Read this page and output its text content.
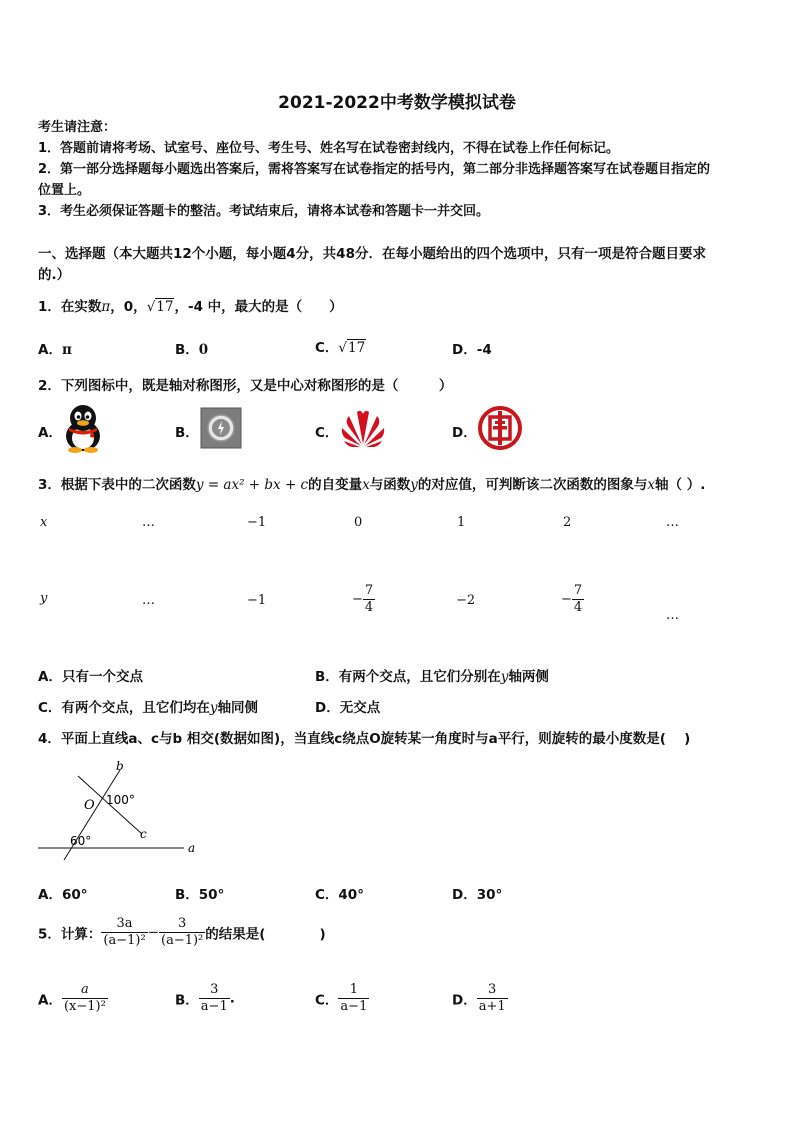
2021-2022中考数学模拟试卷
考生请注意：
1．答题前请将考场、试室号、座位号、考生号、姓名写在试卷密封线内，不得在试卷上作任何标记。
2．第一部分选择题每小题选出答案后，需将答案写在试卷指定的括号内，第二部分非选择题答案写在试卷题目指定的
位置上。
3．考生必须保证答题卡的整洁。考试结束后，请将本试卷和答题卡一并交回。
一、选择题（本大题共12个小题，每小题4分，共48分．在每小题给出的四个选项中，只有一项是符合题目要求
的.）
1．在实数π，0，√17，-4 中，最大的是（　　）
A．π	B．0	C．√17	D．-4
2．下列图标中，既是轴对称图形，又是中心对称图形的是（　　　）
A．	B．	C．	D．
3．根据下表中的二次函数y = ax² + bx + c的自变量x与函数y的对应值，可判断该二次函数的图象与x轴（ ）.
x	…	−1	0	1	2	…
y	…	−1	− $\frac{7}{4}$	−2	− $\frac{7}{4}$	…
A．只有一个交点	B．有两个交点，且它们分别在y轴两侧
C．有两个交点，且它们均在y轴同侧	D．无交点
4．平面上直线a、c与b 相交(数据如图)，当直线c绕点O旋转某一角度时与a平行，则旋转的最小度数是(　 )
b
O 100°
c
60°	a
A．60°	B．50°	C．40°	D．30°
5．计算： $\frac{3a}{\text{(a−1)²}} - \frac{3}{\text{(a−1)²}}$ 的结果是(　　　　)
A． $\frac{a}{\text{(x−1)²}}$	B． $\frac{3}{a-1}$ .	C． $\frac{1}{a-1}$	D． $\frac{3}{a+1}$
